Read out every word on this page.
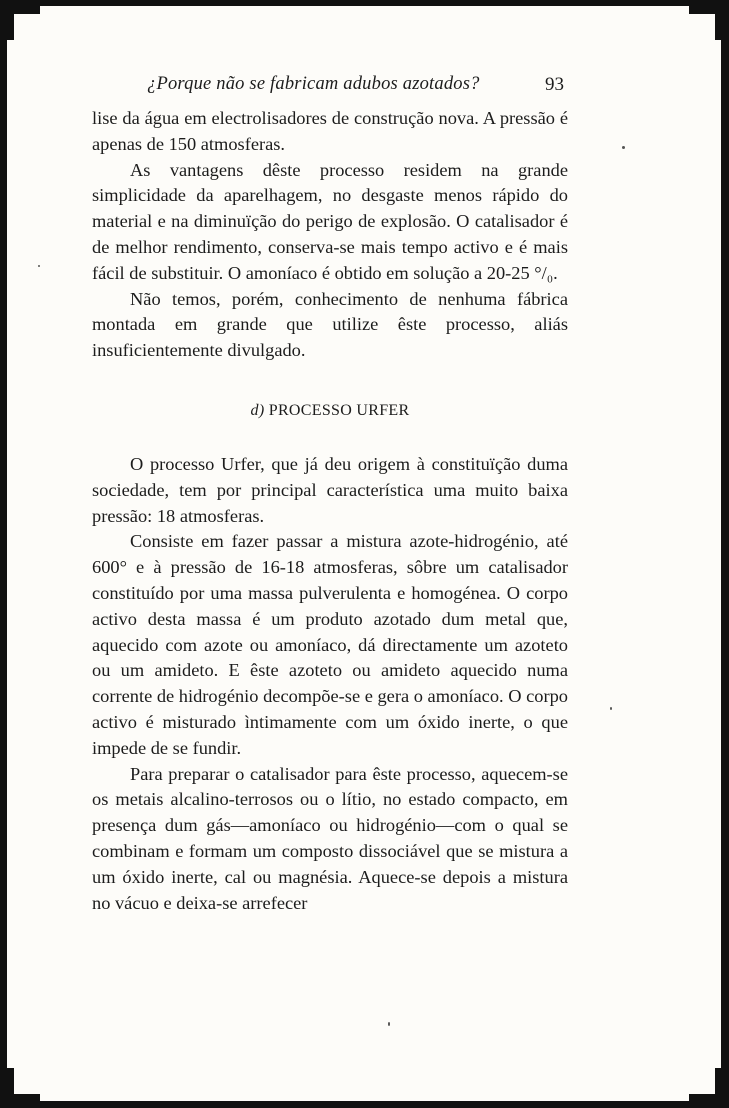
¿Porque não se fabricam adubos azotados?	93

lise da água em electrolisadores de construção nova. A pressão é apenas de 150 atmosferas.

As vantagens dêste processo residem na grande simplicidade da aparelhagem, no desgaste menos rápido do material e na diminuïção do perigo de explosão. O catalisador é de melhor rendimento, conserva-se mais tempo activo e é mais fácil de substituir. O amoníaco é obtido em solução a 20-25 °/₀.

Não temos, porém, conhecimento de nenhuma fábrica montada em grande que utilize êste processo, aliás insuficientemente divulgado.

d) PROCESSO URFER

O processo Urfer, que já deu origem à constituïção duma sociedade, tem por principal característica uma muito baixa pressão: 18 atmosferas.

Consiste em fazer passar a mistura azote-hidrogénio, até 600° e à pressão de 16-18 atmosferas, sôbre um catalisador constituído por uma massa pulverulenta e homogénea. O corpo activo desta massa é um produto azotado dum metal que, aquecido com azote ou amoníaco, dá directamente um azoteto ou um amideto. E êste azoteto ou amideto aquecido numa corrente de hidrogénio decompõe-se e gera o amoníaco. O corpo activo é misturado ìntimamente com um óxido inerte, o que impede de se fundir.

Para preparar o catalisador para êste processo, aquecem-se os metais alcalino-terrosos ou o lítio, no estado compacto, em presença dum gás—amoníaco ou hidrogénio—com o qual se combinam e formam um composto dissociável que se mistura a um óxido inerte, cal ou magnésia. Aquece-se depois a mistura no vácuo e deixa-se arrefecer
